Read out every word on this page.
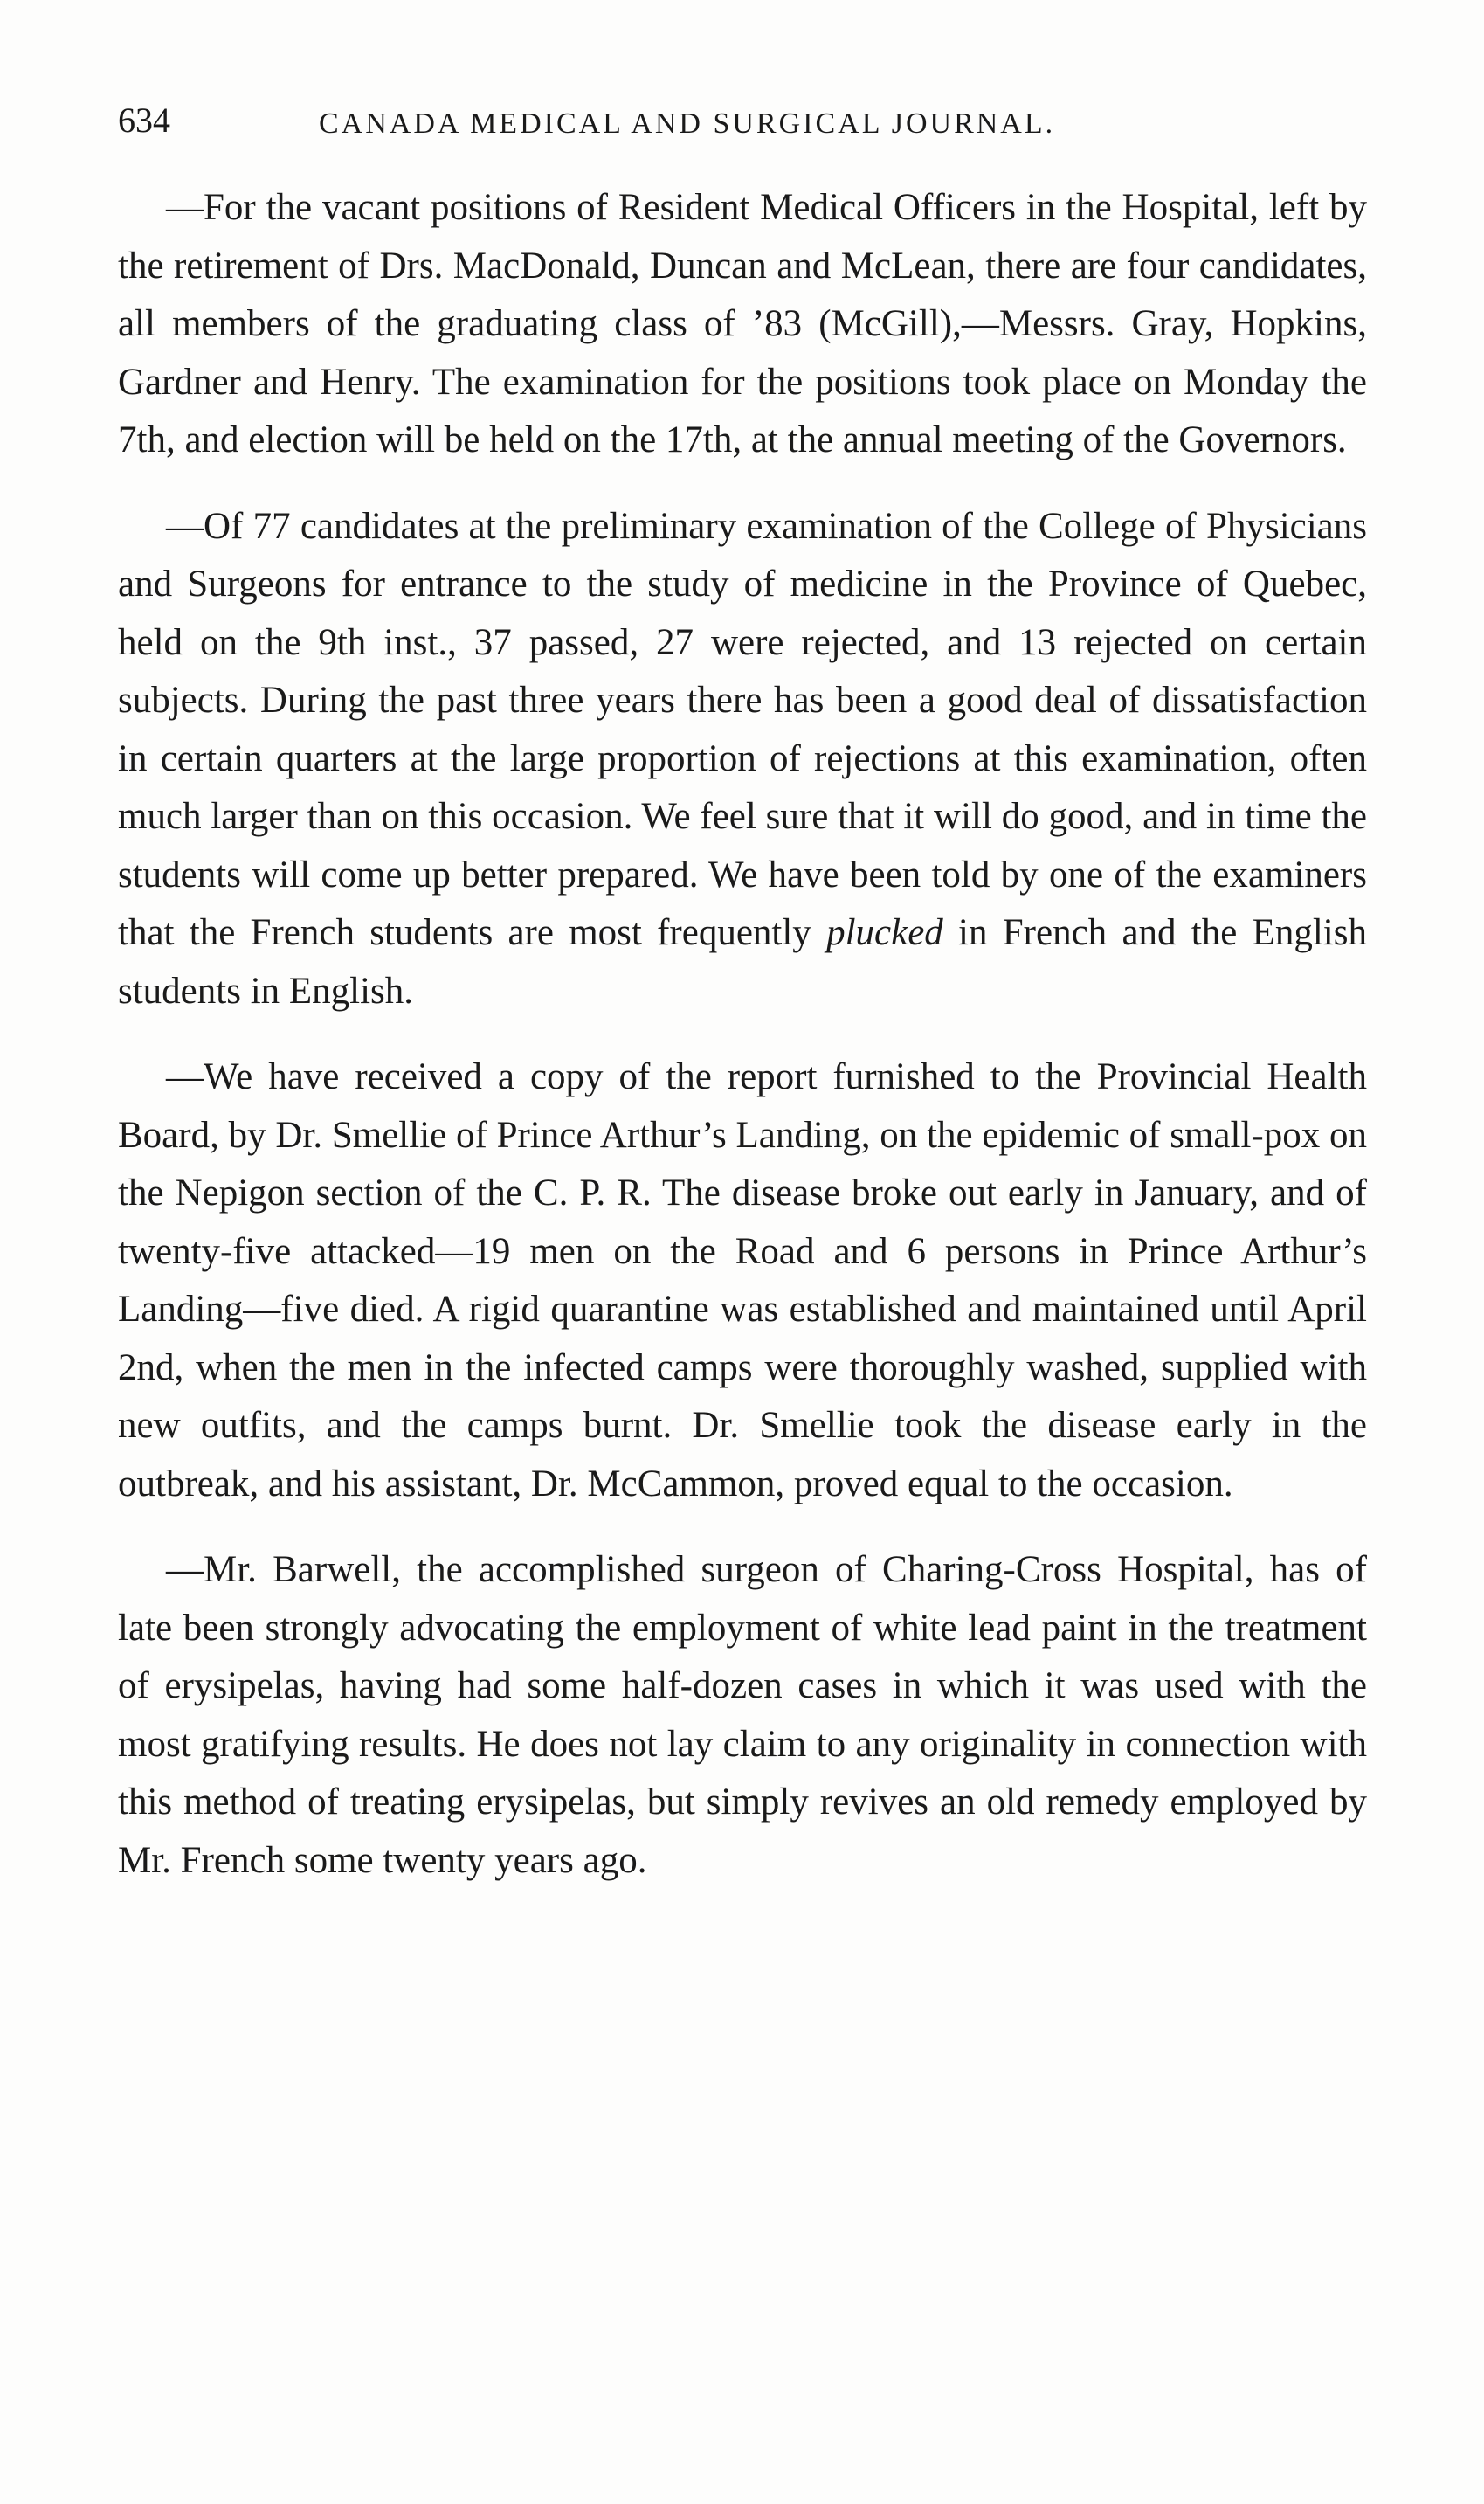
634	CANADA MEDICAL AND SURGICAL JOURNAL.

—For the vacant positions of Resident Medical Officers in the Hospital, left by the retirement of Drs. MacDonald, Duncan and McLean, there are four candidates, all members of the graduating class of ’83 (McGill),—Messrs. Gray, Hopkins, Gardner and Henry. The examination for the positions took place on Monday the 7th, and election will be held on the 17th, at the annual meeting of the Governors.

—Of 77 candidates at the preliminary examination of the College of Physicians and Surgeons for entrance to the study of medicine in the Province of Quebec, held on the 9th inst., 37 passed, 27 were rejected, and 13 rejected on certain subjects. During the past three years there has been a good deal of dissatisfaction in certain quarters at the large proportion of rejections at this examination, often much larger than on this occasion. We feel sure that it will do good, and in time the students will come up better prepared. We have been told by one of the examiners that the French students are most frequently plucked in French and the English students in English.

—We have received a copy of the report furnished to the Provincial Health Board, by Dr. Smellie of Prince Arthur’s Landing, on the epidemic of small-pox on the Nepigon section of the C. P. R. The disease broke out early in January, and of twenty-five attacked—19 men on the Road and 6 persons in Prince Arthur’s Landing—five died. A rigid quarantine was established and maintained until April 2nd, when the men in the infected camps were thoroughly washed, supplied with new outfits, and the camps burnt. Dr. Smellie took the disease early in the outbreak, and his assistant, Dr. McCammon, proved equal to the occasion.

—Mr. Barwell, the accomplished surgeon of Charing-Cross Hospital, has of late been strongly advocating the employment of white lead paint in the treatment of erysipelas, having had some half-dozen cases in which it was used with the most gratifying results. He does not lay claim to any originality in connection with this method of treating erysipelas, but simply revives an old remedy employed by Mr. French some twenty years ago.
